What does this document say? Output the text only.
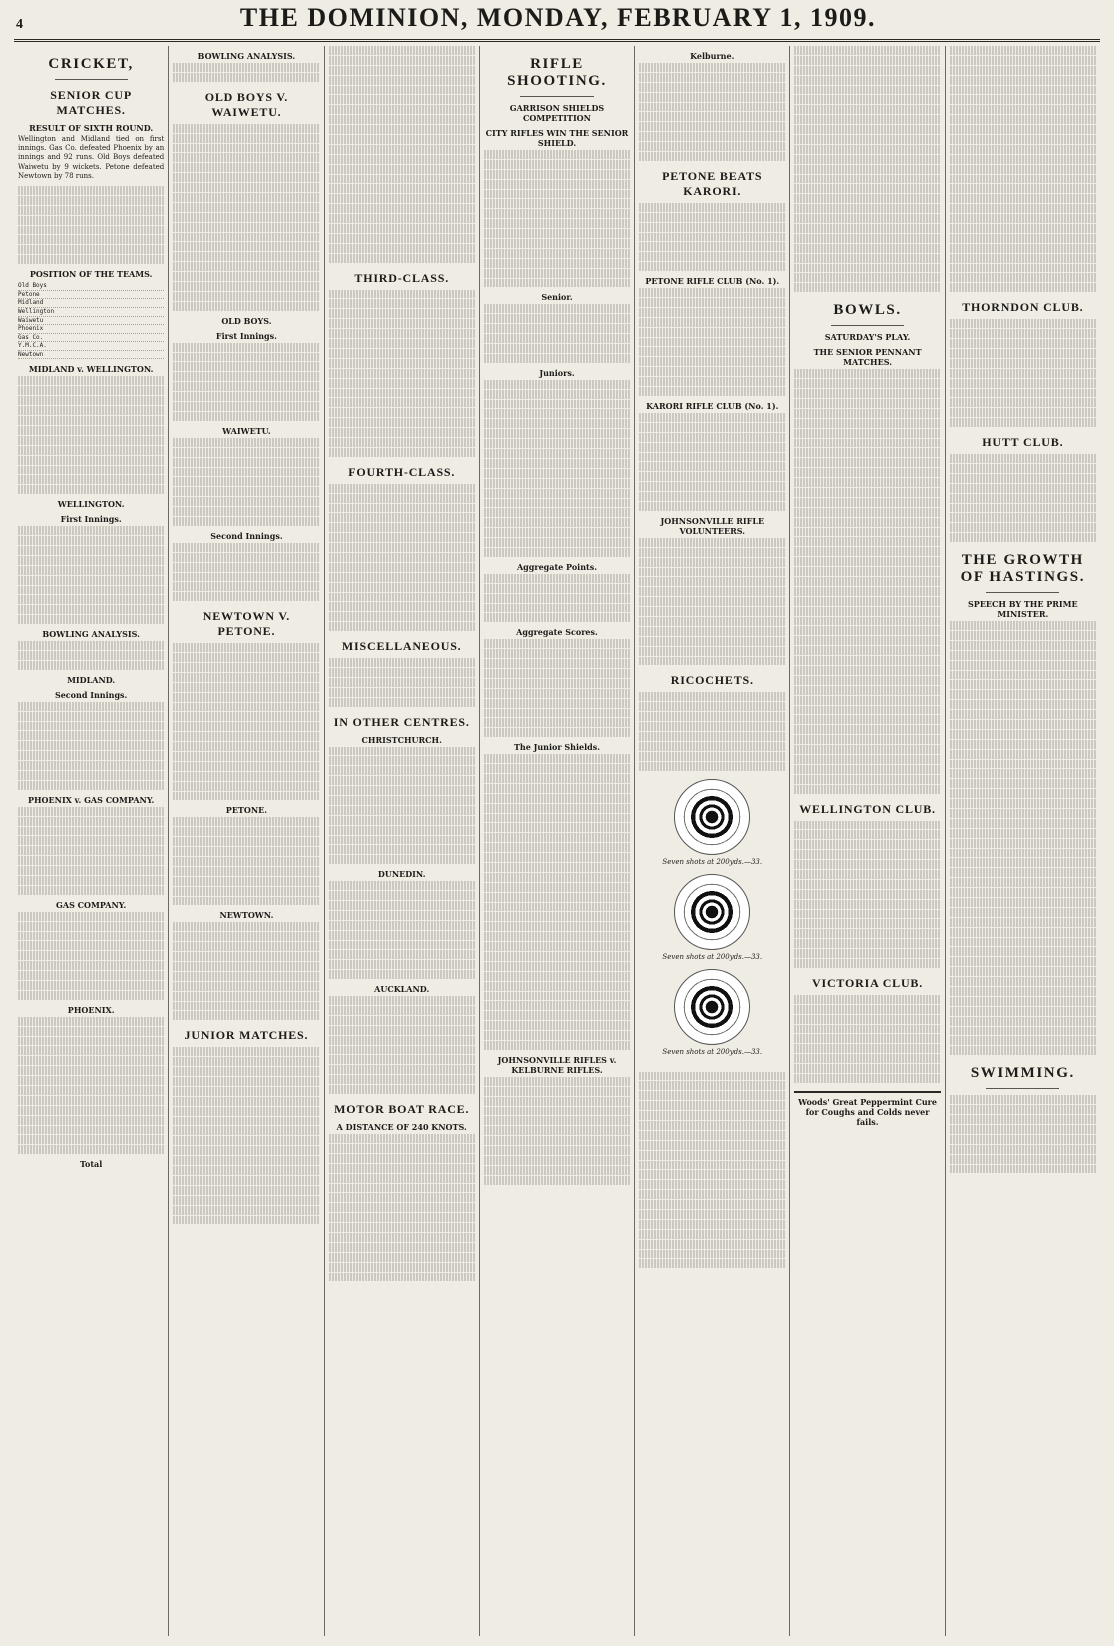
4	THE DOMINION, MONDAY, FEBRUARY 1, 1909.
CRICKET,
SENIOR CUP MATCHES.
RESULT OF SIXTH ROUND.
Wellington and Midland tied on first innings. Gas Co. defeated Phoenix by an innings and 92 runs. Old Boys defeated Waiwetu by 9 wickets. Petone defeated Newtown by 78 runs.
POSITION OF THE TEAMS.
Old Boys
Petone
Midland
Wellington
Waiwetu
Phoenix
Gas Co.
Y.M.C.A.
Newtown
MIDLAND v. WELLINGTON.
WELLINGTON.
First Innings.
BOWLING ANALYSIS.
MIDLAND.
Second Innings.
PHOENIX v. GAS COMPANY.
GAS COMPANY.
PHOENIX.
Total
BOWLING ANALYSIS.
OLD BOYS V. WAIWETU.
OLD BOYS.
First Innings.
WAIWETU.
Second Innings.
NEWTOWN V. PETONE.
PETONE.
NEWTOWN.
JUNIOR MATCHES.
THIRD-CLASS.
FOURTH-CLASS.
MISCELLANEOUS.
IN OTHER CENTRES.
CHRISTCHURCH.
DUNEDIN.
AUCKLAND.
MOTOR BOAT RACE.
A DISTANCE OF 240 KNOTS.
RIFLE SHOOTING.
GARRISON SHIELDS COMPETITION
CITY RIFLES WIN THE SENIOR SHIELD.
Senior.
Juniors.
Aggregate Points.
Aggregate Scores.
The Junior Shields.
JOHNSONVILLE RIFLES v. KELBURNE RIFLES.
Kelburne.
PETONE BEATS KARORI.
PETONE RIFLE CLUB (No. 1).
KARORI RIFLE CLUB (No. 1).
JOHNSONVILLE RIFLE VOLUNTEERS.
RICOCHETS.
Seven shots at 200yds.—33.
Seven shots at 200yds.—33.
Seven shots at 200yds.—33.
BOWLS.
SATURDAY'S PLAY.
THE SENIOR PENNANT MATCHES.
WELLINGTON CLUB.
VICTORIA CLUB.
Woods' Great Peppermint Cure for Coughs and Colds never fails.
THORNDON CLUB.
HUTT CLUB.
THE GROWTH OF HASTINGS.
SPEECH BY THE PRIME MINISTER.
SWIMMING.
